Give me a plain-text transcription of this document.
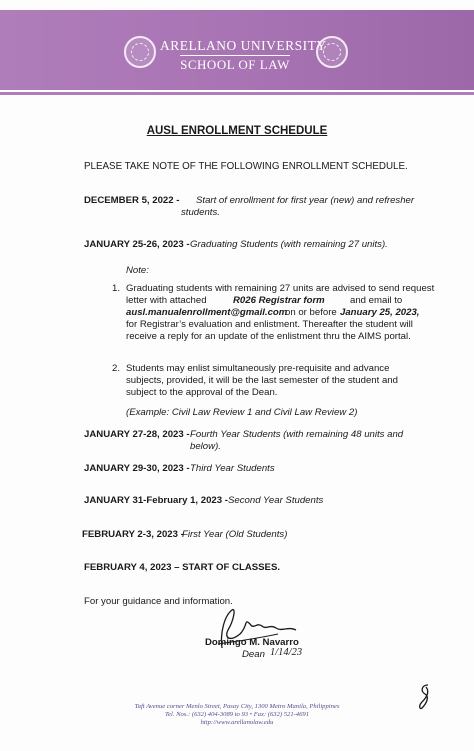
ARELLANO UNIVERSITY
SCHOOL OF LAW
AUSL ENROLLMENT SCHEDULE
PLEASE TAKE NOTE OF THE FOLLOWING ENROLLMENT SCHEDULE.
DECEMBER 5, 2022 - Start of enrollment for first year (new) and refresher
students.
JANUARY 25-26, 2023 - Graduating Students (with remaining 27 units).
Note:
1. Graduating students with remaining 27 units are advised to send request
letter with attached	R026 Registrar form	and email to
ausl.manualenrollment@gmail.com
on or before January 25, 2023,
for Registrar’s evaluation and enlistment. Thereafter the student will
receive a reply for an update of the enlistment thru the AIMS portal.
2. Students may enlist simultaneously pre-requisite and advance
subjects, provided, it will be the last semester of the student and
subject to the approval of the Dean.
(Example: Civil Law Review 1 and Civil Law Review 2)
JANUARY 27-28, 2023 - Fourth Year Students (with remaining 48 units and
below).
JANUARY 29-30, 2023 - Third Year Students
JANUARY 31-February 1, 2023 - Second Year Students
FEBRUARY 2-3, 2023 -
First Year (Old Students)
FEBRUARY 4, 2023 – START OF CLASSES.
For your guidance and information.
Domingo M. Navarro
Dean 1/14/23
Taft Avenue corner Menlo Street, Pasay City, 1300 Metro Manila, Philippines
Tel. Nos.: (632) 404-3089 to 93 • Fax: (632) 521-4691
http://www.arellanolaw.edu
